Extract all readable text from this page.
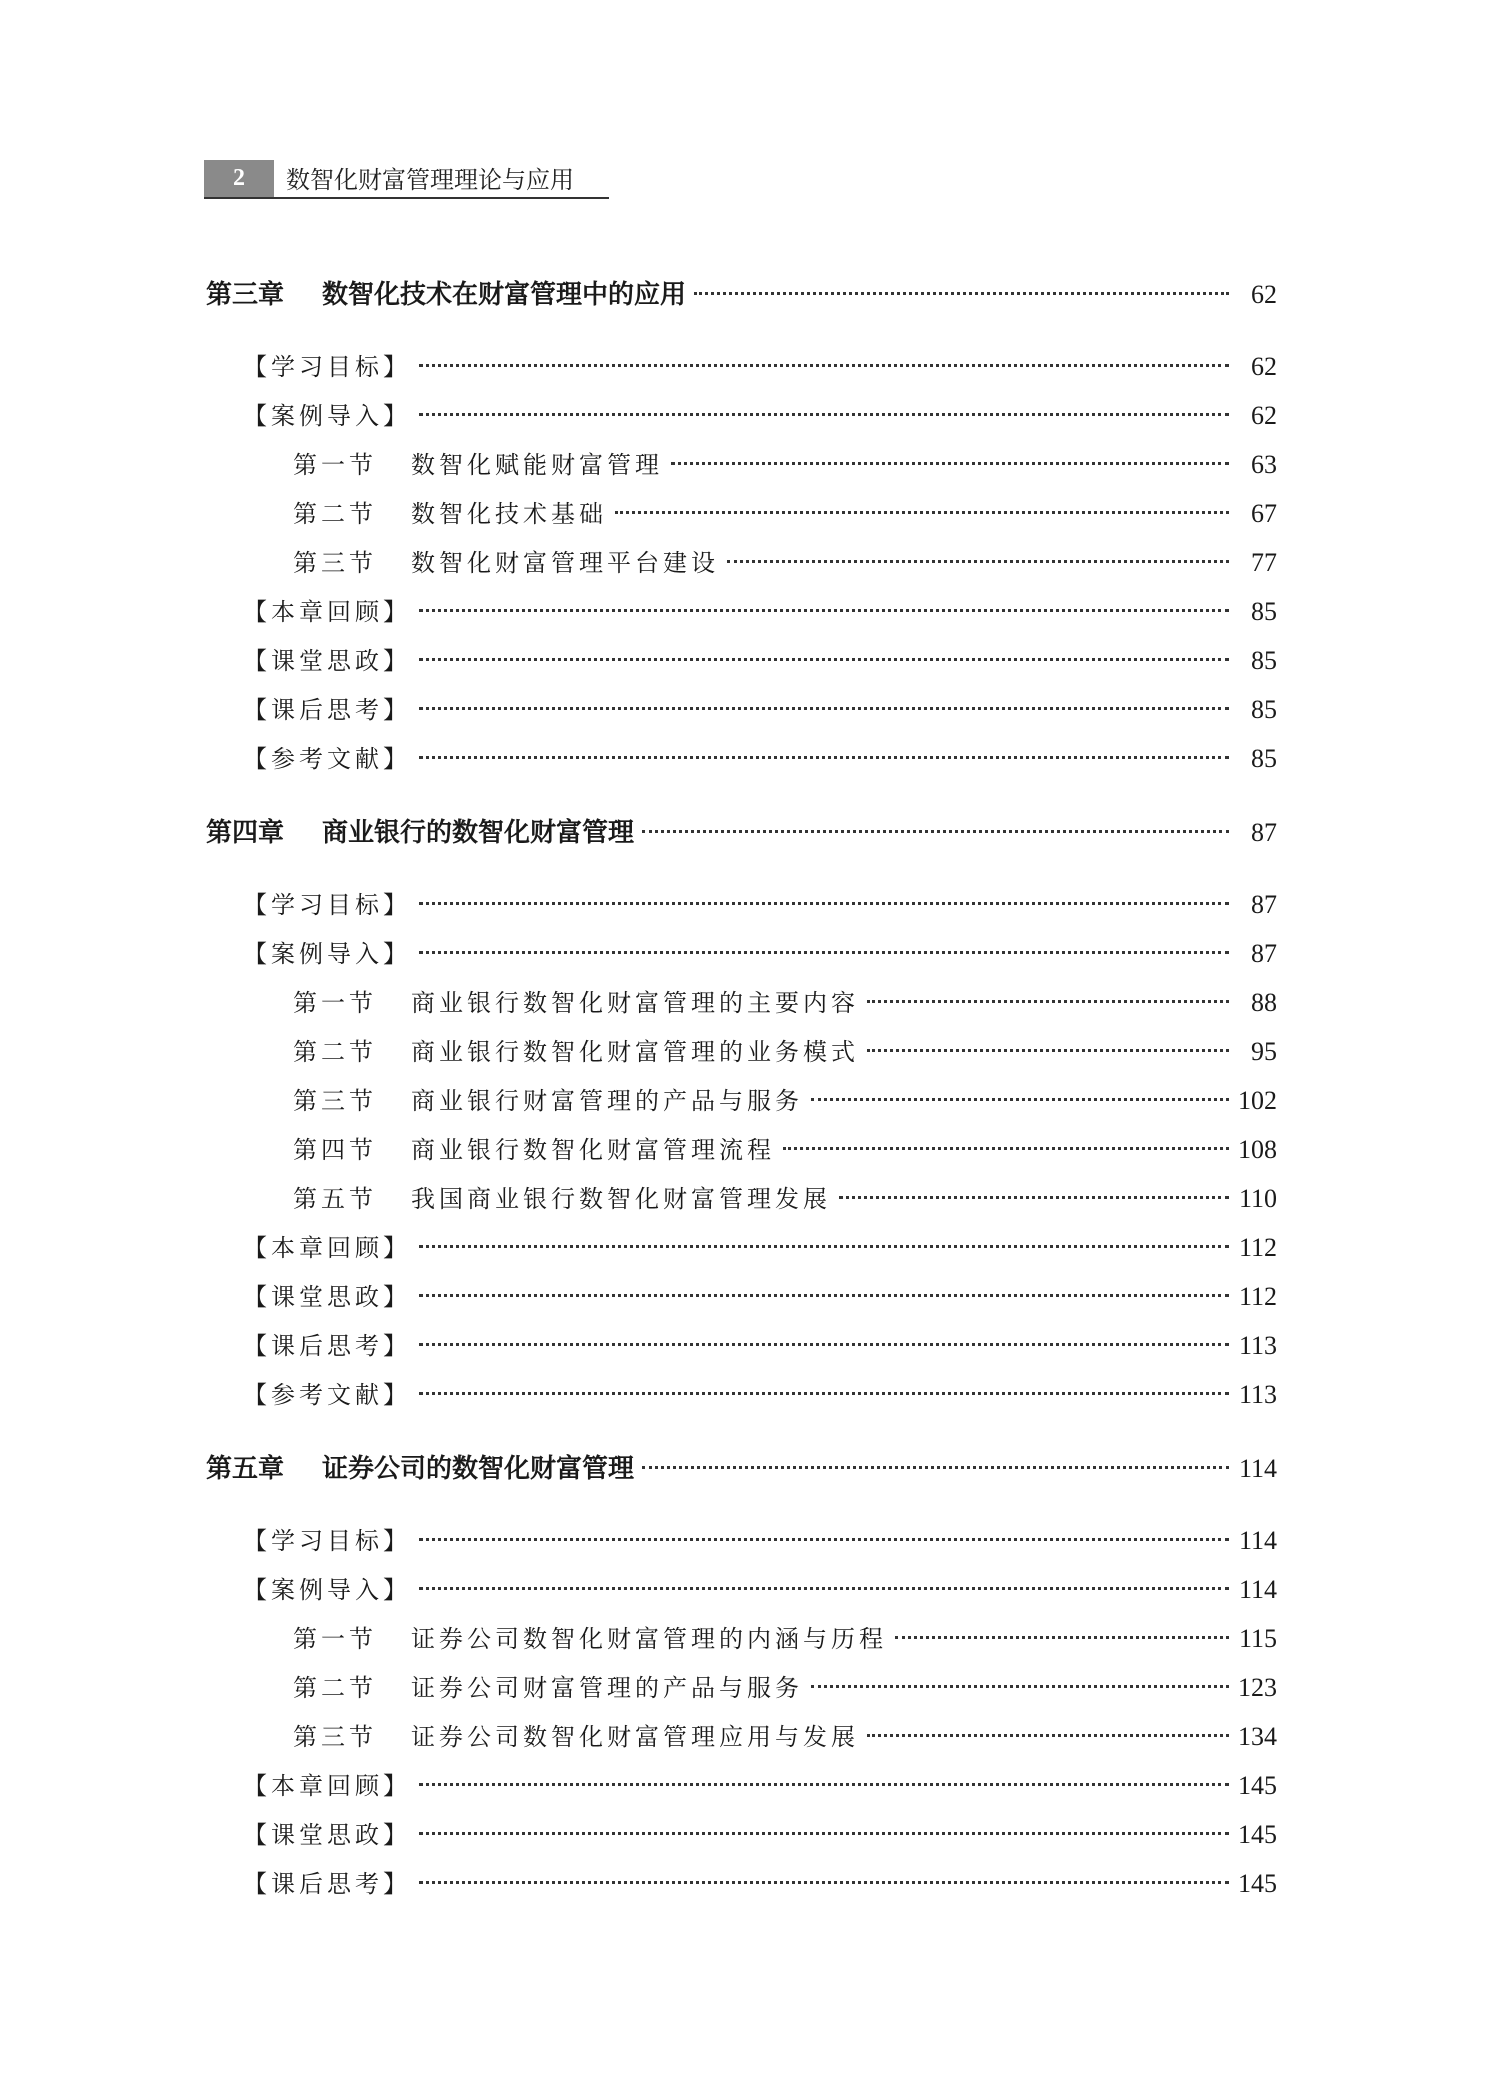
2	数智化财富管理理论与应用
第三章	数智化技术在财富管理中的应用	62
【学习目标】	62
【案例导入】	62
第一节	数智化赋能财富管理	63
第二节	数智化技术基础	67
第三节	数智化财富管理平台建设	77
【本章回顾】	85
【课堂思政】	85
【课后思考】	85
【参考文献】	85
第四章	商业银行的数智化财富管理	87
【学习目标】	87
【案例导入】	87
第一节	商业银行数智化财富管理的主要内容	88
第二节	商业银行数智化财富管理的业务模式	95
第三节	商业银行财富管理的产品与服务	102
第四节	商业银行数智化财富管理流程	108
第五节	我国商业银行数智化财富管理发展	110
【本章回顾】	112
【课堂思政】	112
【课后思考】	113
【参考文献】	113
第五章	证券公司的数智化财富管理	114
【学习目标】	114
【案例导入】	114
第一节	证券公司数智化财富管理的内涵与历程	115
第二节	证券公司财富管理的产品与服务	123
第三节	证券公司数智化财富管理应用与发展	134
【本章回顾】	145
【课堂思政】	145
【课后思考】	145
